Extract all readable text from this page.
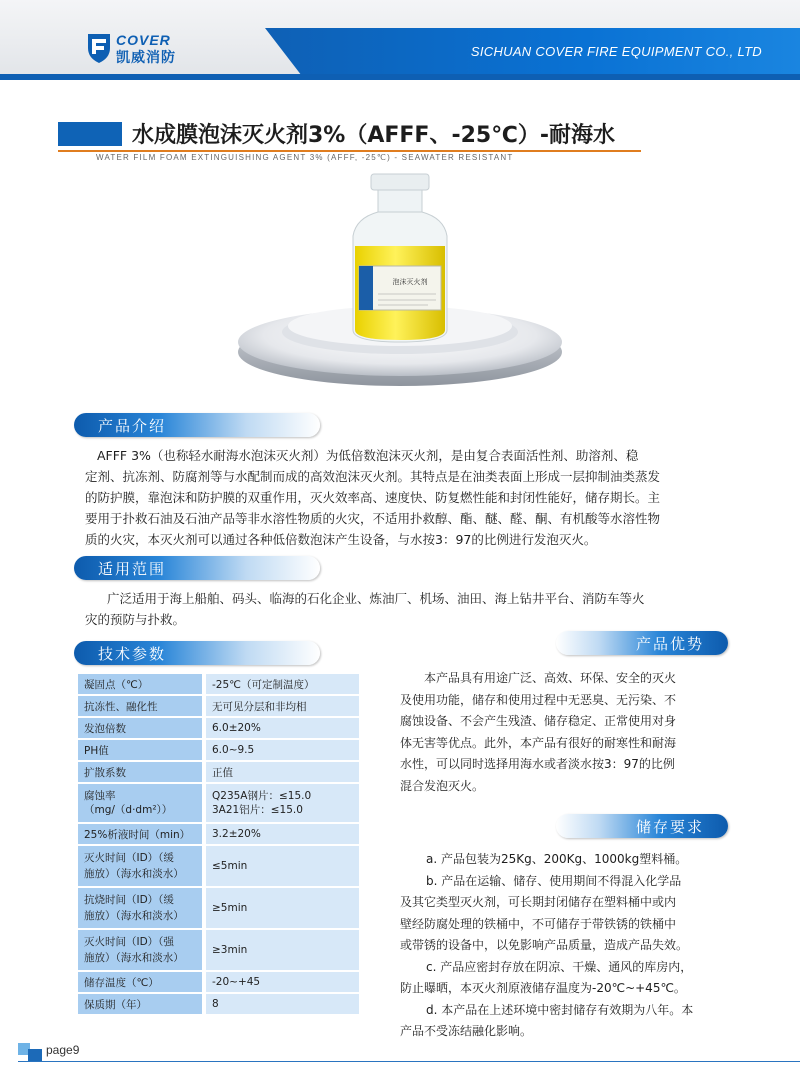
COVER
凯威消防	SICHUAN COVER FIRE EQUIPMENT CO., LTD
水成膜泡沫灭火剂3%（AFFF、-25℃）-耐海水
WATER FILM FOAM EXTINGUISHING AGENT 3% (AFFF, -25℃) - SEAWATER RESISTANT
泡沫灭火剂
产品介绍

AFFF 3%（也称轻水耐海水泡沫灭火剂）为低倍数泡沫灭火剂，是由复合表面活性剂、助溶剂、稳

定剂、抗冻剂、防腐剂等与水配制而成的高效泡沫灭火剂。其特点是在油类表面上形成一层抑制油类蒸发

的防护膜，靠泡沫和防护膜的双重作用，灭火效率高、速度快、防复燃性能和封闭性能好，储存期长。主

要用于扑救石油及石油产品等非水溶性物质的火灾，不适用扑救醇、酯、醚、醛、酮、有机酸等水溶性物

质的火灾，本灭火剂可以通过各种低倍数泡沫产生设备，与水按3：97的比例进行发泡灭火。

适用范围

广泛适用于海上船舶、码头、临海的石化企业、炼油厂、机场、油田、海上钻井平台、消防车等火

灾的预防与扑救。

技术参数
凝固点（℃）	-25℃（可定制温度）
抗冻性、融化性	无可见分层和非均相
发泡倍数	6.0±20%
PH值	6.0~9.5
扩散系数	正值
腐蚀率
（mg/（d·dm²））	Q235A钢片：≤15.0
3A21铝片：≤15.0
25%析液时间（min）	3.2±20%
灭火时间（ⅠD）（缓
施放）（海水和淡水）	≤5min
抗烧时间（ⅠD）（缓
施放）（海水和淡水）	≥5min
灭火时间（ⅠD）（强
施放）（海水和淡水）	≥3min
储存温度（℃）	-20~+45
保质期（年）	8
产品优势

本产品具有用途广泛、高效、环保、安全的灭火

及使用功能，储存和使用过程中无恶臭、无污染、不

腐蚀设备、不会产生残渣、储存稳定、正常使用对身

体无害等优点。此外，本产品有很好的耐寒性和耐海

水性，可以同时选择用海水或者淡水按3：97的比例

混合发泡灭火。

储存要求

a. 产品包装为25Kg、200Kg、1000kg塑料桶。

b. 产品在运输、储存、使用期间不得混入化学品

及其它类型灭火剂，可长期封闭储存在塑料桶中或内

壁经防腐处理的铁桶中，不可储存于带铁锈的铁桶中

或带锈的设备中，以免影响产品质量，造成产品失效。

c. 产品应密封存放在阴凉、干燥、通风的库房内，

防止曝晒，本灭火剂原液储存温度为-20℃~+45℃。

d. 本产品在上述环境中密封储存有效期为八年。本

产品不受冻结融化影响。

page9
